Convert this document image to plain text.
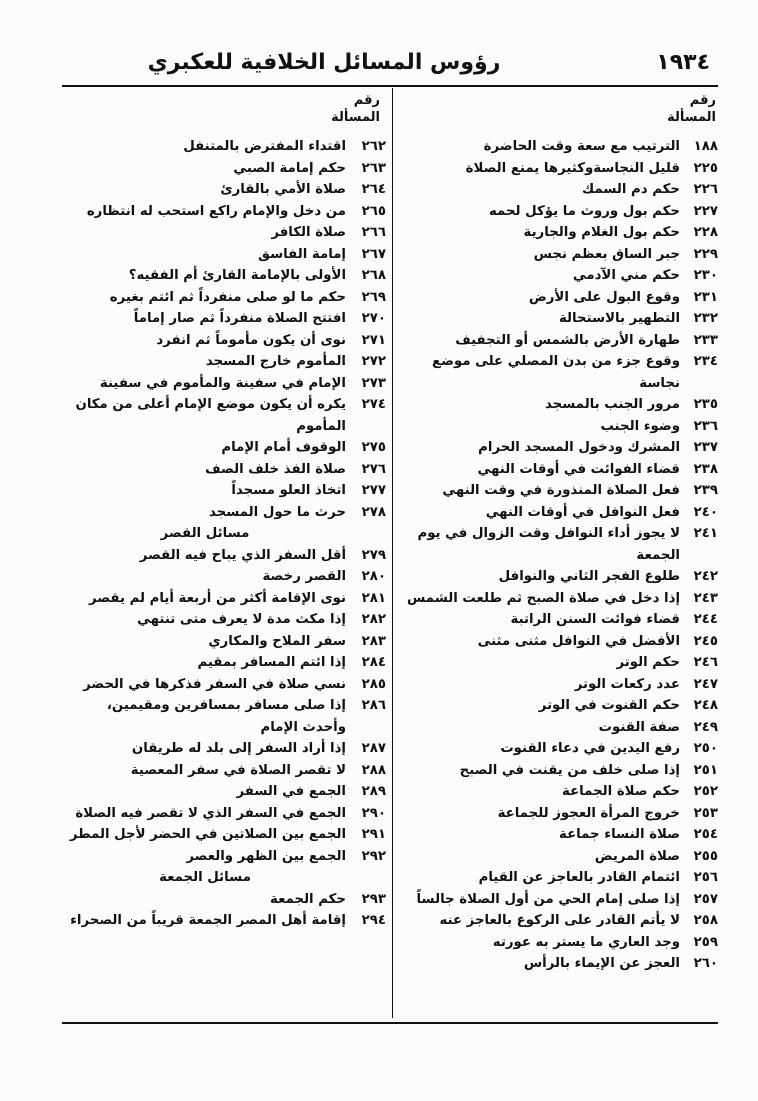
١٩٣٤
رؤوس المسائل الخلافية للعكبري
رقم
المسألة
١٨٨
الترتيب مع سعة وقت الحاضرة
٢٢٥
قليل النجاسةوكثيرها يمنع الصلاة
٢٢٦
حكم دم السمك
٢٢٧
حكم بول وروث ما يؤكل لحمه
٢٢٨
حكم بول الغلام والجارية
٢٢٩
جبر الساق بعظم نجس
٢٣٠
حكم مني الآدمي
٢٣١
وقوع البول على الأرض
٢٣٢
التطهير بالاستحالة
٢٣٣
طهارة الأرض بالشمس أو التجفيف
٢٣٤
وقوع جزء من بدن المصلي على موضع نجاسة
٢٣٥
مرور الجنب بالمسجد
٢٣٦
وضوء الجنب
٢٣٧
المشرك ودخول المسجد الحرام
٢٣٨
قضاء الفوائت في أوقات النهي
٢٣٩
فعل الصلاة المنذورة في وقت النهي
٢٤٠
فعل النوافل في أوقات النهي
٢٤١
لا يجوز أداء النوافل وقت الزوال في يوم الجمعة
٢٤٢
طلوع الفجر الثاني والنوافل
٢٤٣
إذا دخل في صلاة الصبح ثم طلعت الشمس
٢٤٤
قضاء فوائت السنن الراتبة
٢٤٥
الأفضل في النوافل مثنى مثنى
٢٤٦
حكم الوتر
٢٤٧
عدد ركعات الوتر
٢٤٨
حكم القنوت في الوتر
٢٤٩
صفة القنوت
٢٥٠
رفع اليدين في دعاء القنوت
٢٥١
إذا صلى خلف من يقنت في الصبح
٢٥٢
حكم صلاة الجماعة
٢٥٣
خروج المرأة العجوز للجماعة
٢٥٤
صلاة النساء جماعة
٢٥٥
صلاة المريض
٢٥٦
ائتمام القادر بالعاجز عن القيام
٢٥٧
إذا صلى إمام الحي من أول الصلاة جالساً
٢٥٨
لا يأتم القادر على الركوع بالعاجز عنه
٢٥٩
وجد العاري ما يستر به عورته
٢٦٠
العجز عن الإيماء بالرأس
رقم
المسألة
٢٦٢
اقتداء المفترض بالمتنفل
٢٦٣
حكم إمامة الصبي
٢٦٤
صلاة الأمي بالقارئ
٢٦٥
من دخل والإمام راكع استحب له انتظاره
٢٦٦
صلاة الكافر
٢٦٧
إمامة الفاسق
٢٦٨
الأولى بالإمامة القارئ أم الفقيه؟
٢٦٩
حكم ما لو صلى منفرداً ثم ائتم بغيره
٢٧٠
افتتح الصلاة منفرداً ثم صار إماماً
٢٧١
نوى أن يكون مأموماً ثم انفرد
٢٧٢
المأموم خارج المسجد
٢٧٣
الإمام في سفينة والمأموم في سفينة
٢٧٤
يكره أن يكون موضع الإمام أعلى من مكان المأموم
٢٧٥
الوقوف أمام الإمام
٢٧٦
صلاة الفذ خلف الصف
٢٧٧
اتخاذ العلو مسجداً
٢٧٨
حرث ما حول المسجد
مسائل القصر
٢٧٩
أقل السفر الذي يباح فيه القصر
٢٨٠
القصر رخصة
٢٨١
نوى الإقامة أكثر من أربعة أيام لم يقصر
٢٨٢
إذا مكث مدة لا يعرف متى تنتهي
٢٨٣
سفر الملاح والمكاري
٢٨٤
إذا ائتم المسافر بمقيم
٢٨٥
نسي صلاة في السفر فذكرها في الحضر
٢٨٦
إذا صلى مسافر بمسافرين ومقيمين، وأحدث الإمام
٢٨٧
إذا أراد السفر إلى بلد له طريقان
٢٨٨
لا تقصر الصلاة في سفر المعصية
٢٨٩
الجمع في السفر
٢٩٠
الجمع في السفر الذي لا تقصر فيه الصلاة
٢٩١
الجمع بين الصلاتين في الحضر لأجل المطر
٢٩٢
الجمع بين الظهر والعصر
مسائل الجمعة
٢٩٣
حكم الجمعة
٢٩٤
إقامة أهل المصر الجمعة قريباً من الصحراء
